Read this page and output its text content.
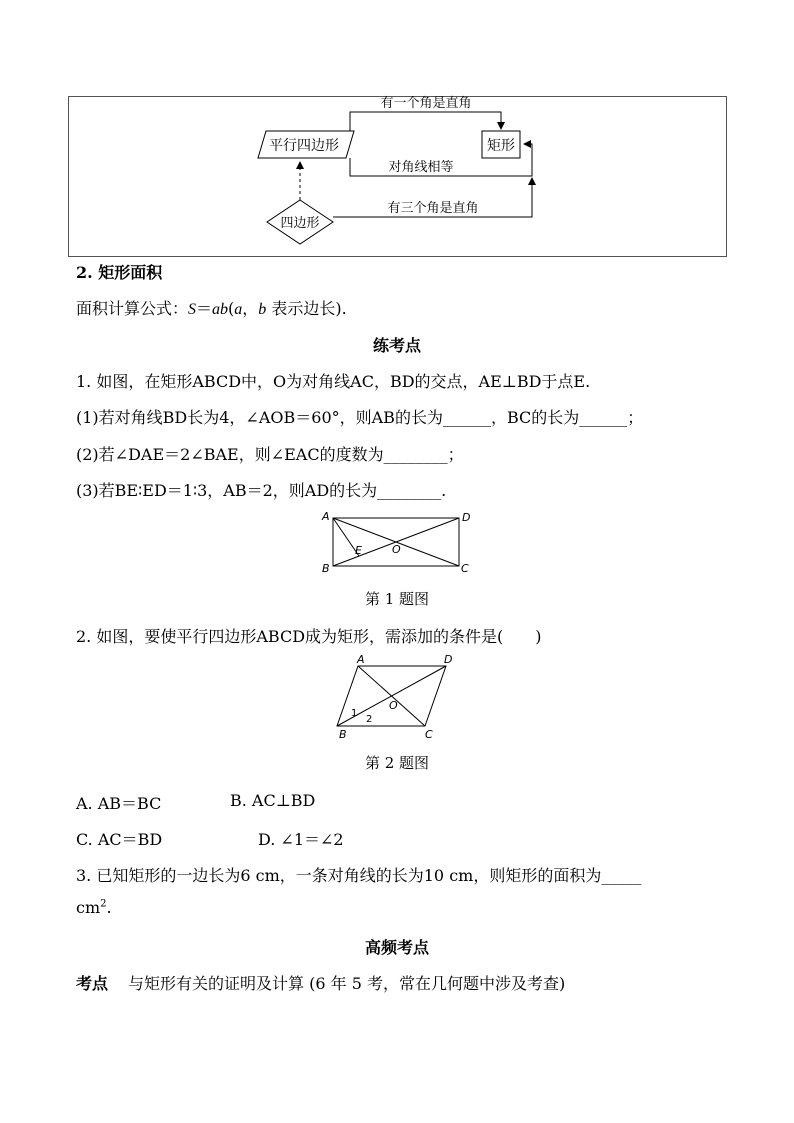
平行四边形	矩形
四边形
有一个角是直角
对角线相等
有三个角是直角
2. 矩形面积
面积计算公式：S＝ab(a，b 表示边长).
练考点
1. 如图，在矩形ABCD中，O为对角线AC，BD的交点，AE⊥BD于点E.
(1)若对角线BD长为4，∠AOB＝60°，则AB的长为______，BC的长为______；
(2)若∠DAE＝2∠BAE，则∠EAC的度数为________；
(3)若BE∶ED＝1∶3，AB＝2，则AD的长为________.
A	D
B	C
E	O
第 1 题图
2. 如图，要使平行四边形ABCD成为矩形，需添加的条件是(　　)
A	D
B	C
O
1
2
第 2 题图
A. AB＝BC	B. AC⊥BD
C. AC＝BD	D. ∠1＝∠2
3. 已知矩形的一边长为6 cm，一条对角线的长为10 cm，则矩形的面积为_____
$cm^2$.
高频考点
考点 与矩形有关的证明及计算 (6 年 5 考，常在几何题中涉及考查)
